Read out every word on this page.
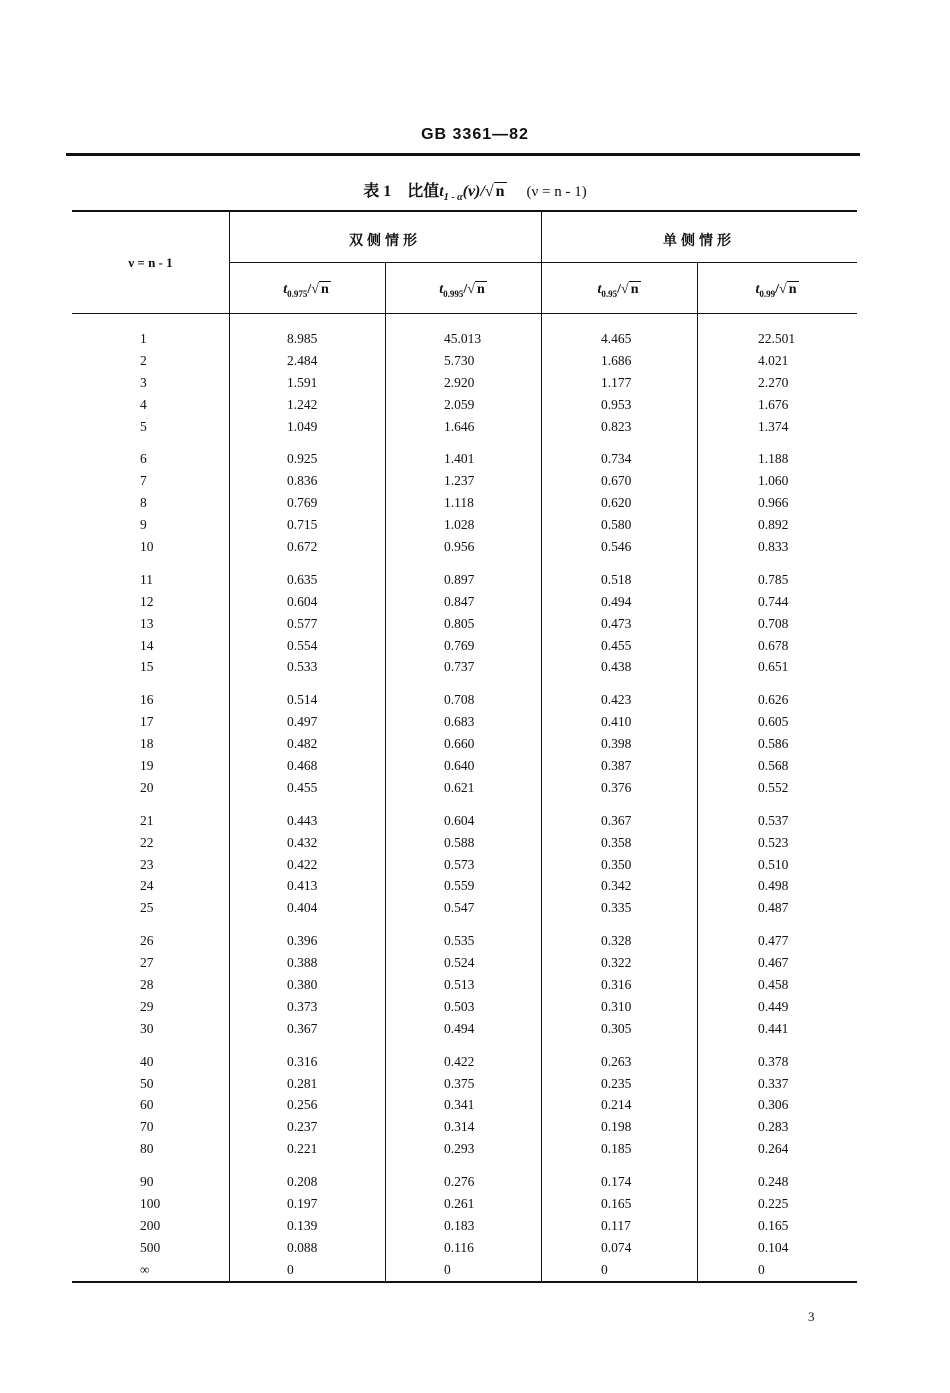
GB 3361—82
表 1 比值$t_{1 - \alpha}(\nu)/√$ n (ν = n - 1)
ν = n - 1
双侧情形	单侧情形
$t_{0.975}/√$ n	$t_{0.995}/√$ n	$t_{0.95}/√$ n	$t_{0.99}/√$ n
1	8.985	45.013	4.465	22.501
2	2.484	5.730	1.686	4.021
3	1.591	2.920	1.177	2.270
4	1.242	2.059	0.953	1.676
5	1.049	1.646	0.823	1.374
6	0.925	1.401	0.734	1.188
7	0.836	1.237	0.670	1.060
8	0.769	1.118	0.620	0.966
9	0.715	1.028	0.580	0.892
10	0.672	0.956	0.546	0.833
11	0.635	0.897	0.518	0.785
12	0.604	0.847	0.494	0.744
13	0.577	0.805	0.473	0.708
14	0.554	0.769	0.455	0.678
15	0.533	0.737	0.438	0.651
16	0.514	0.708	0.423	0.626
17	0.497	0.683	0.410	0.605
18	0.482	0.660	0.398	0.586
19	0.468	0.640	0.387	0.568
20	0.455	0.621	0.376	0.552
21	0.443	0.604	0.367	0.537
22	0.432	0.588	0.358	0.523
23	0.422	0.573	0.350	0.510
24	0.413	0.559	0.342	0.498
25	0.404	0.547	0.335	0.487
26	0.396	0.535	0.328	0.477
27	0.388	0.524	0.322	0.467
28	0.380	0.513	0.316	0.458
29	0.373	0.503	0.310	0.449
30	0.367	0.494	0.305	0.441
40	0.316	0.422	0.263	0.378
50	0.281	0.375	0.235	0.337
60	0.256	0.341	0.214	0.306
70	0.237	0.314	0.198	0.283
80	0.221	0.293	0.185	0.264
90	0.208	0.276	0.174	0.248
100	0.197	0.261	0.165	0.225
200	0.139	0.183	0.117	0.165
500	0.088	0.116	0.074	0.104
∞	0	0	0	0
3
